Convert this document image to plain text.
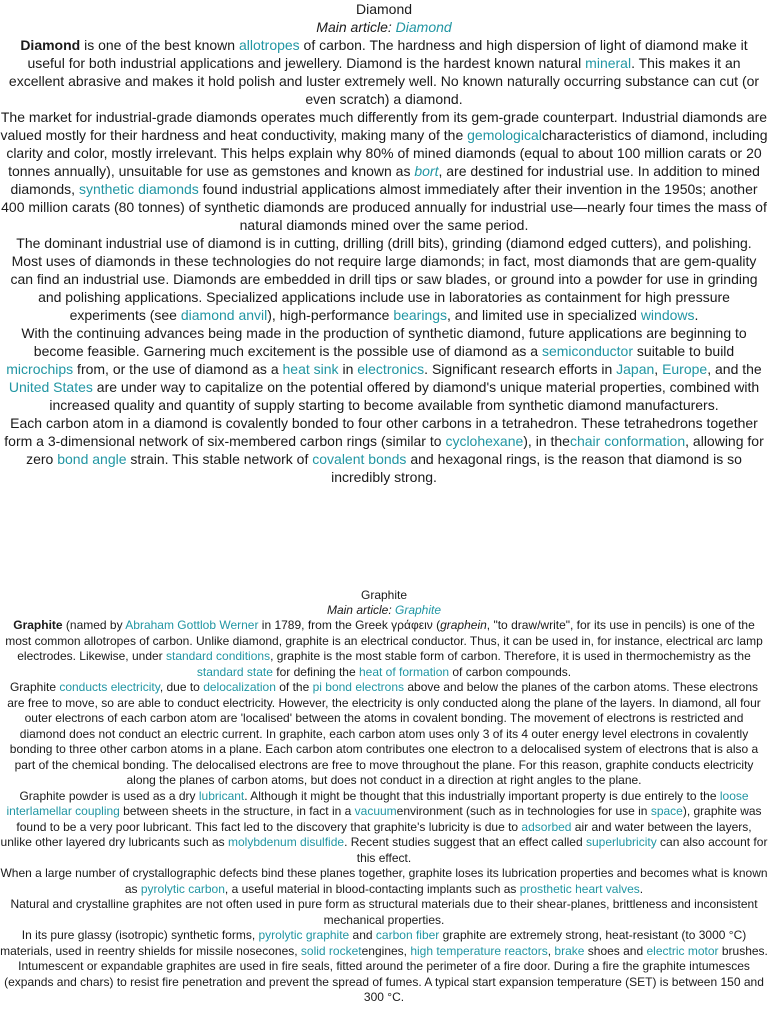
Diamond
Main article: Diamond

Diamond is one of the best known allotropes of carbon. The hardness and high dispersion of light of diamond make it useful for both industrial applications and jewellery. Diamond is the hardest known natural mineral. This makes it an excellent abrasive and makes it hold polish and luster extremely well. No known naturally occurring substance can cut (or even scratch) a diamond.

The market for industrial-grade diamonds operates much differently from its gem-grade counterpart. Industrial diamonds are valued mostly for their hardness and heat conductivity, making many of the gemologicalcharacteristics of diamond, including clarity and color, mostly irrelevant. This helps explain why 80% of mined diamonds (equal to about 100 million carats or 20 tonnes annually), unsuitable for use as gemstones and known as bort, are destined for industrial use. In addition to mined diamonds, synthetic diamonds found industrial applications almost immediately after their invention in the 1950s; another 400 million carats (80 tonnes) of synthetic diamonds are produced annually for industrial use—nearly four times the mass of natural diamonds mined over the same period.

The dominant industrial use of diamond is in cutting, drilling (drill bits), grinding (diamond edged cutters), and polishing. Most uses of diamonds in these technologies do not require large diamonds; in fact, most diamonds that are gem-quality can find an industrial use. Diamonds are embedded in drill tips or saw blades, or ground into a powder for use in grinding and polishing applications. Specialized applications include use in laboratories as containment for high pressure experiments (see diamond anvil), high-performance bearings, and limited use in specialized windows.

With the continuing advances being made in the production of synthetic diamond, future applications are beginning to become feasible. Garnering much excitement is the possible use of diamond as a semiconductor suitable to build microchips from, or the use of diamond as a heat sink in electronics. Significant research efforts in Japan, Europe, and the United States are under way to capitalize on the potential offered by diamond's unique material properties, combined with increased quality and quantity of supply starting to become available from synthetic diamond manufacturers.

Each carbon atom in a diamond is covalently bonded to four other carbons in a tetrahedron. These tetrahedrons together form a 3-dimensional network of six-membered carbon rings (similar to cyclohexane), in thechair conformation, allowing for zero bond angle strain. This stable network of covalent bonds and hexagonal rings, is the reason that diamond is so incredibly strong.

Graphite
Main article: Graphite

Graphite (named by Abraham Gottlob Werner in 1789, from the Greek γράφειν (graphein, "to draw/write", for its use in pencils) is one of the most common allotropes of carbon. Unlike diamond, graphite is an electrical conductor. Thus, it can be used in, for instance, electrical arc lamp electrodes. Likewise, under standard conditions, graphite is the most stable form of carbon. Therefore, it is used in thermochemistry as the standard state for defining the heat of formation of carbon compounds.

Graphite conducts electricity, due to delocalization of the pi bond electrons above and below the planes of the carbon atoms. These electrons are free to move, so are able to conduct electricity. However, the electricity is only conducted along the plane of the layers. In diamond, all four outer electrons of each carbon atom are 'localised' between the atoms in covalent bonding. The movement of electrons is restricted and diamond does not conduct an electric current. In graphite, each carbon atom uses only 3 of its 4 outer energy level electrons in covalently bonding to three other carbon atoms in a plane. Each carbon atom contributes one electron to a delocalised system of electrons that is also a part of the chemical bonding. The delocalised electrons are free to move throughout the plane. For this reason, graphite conducts electricity along the planes of carbon atoms, but does not conduct in a direction at right angles to the plane.

Graphite powder is used as a dry lubricant. Although it might be thought that this industrially important property is due entirely to the loose interlamellar coupling between sheets in the structure, in fact in a vacuumenvironment (such as in technologies for use in space), graphite was found to be a very poor lubricant. This fact led to the discovery that graphite's lubricity is due to adsorbed air and water between the layers, unlike other layered dry lubricants such as molybdenum disulfide. Recent studies suggest that an effect called superlubricity can also account for this effect.

When a large number of crystallographic defects bind these planes together, graphite loses its lubrication properties and becomes what is known as pyrolytic carbon, a useful material in blood-contacting implants such as prosthetic heart valves.

Natural and crystalline graphites are not often used in pure form as structural materials due to their shear-planes, brittleness and inconsistent mechanical properties.

In its pure glassy (isotropic) synthetic forms, pyrolytic graphite and carbon fiber graphite are extremely strong, heat-resistant (to 3000 °C) materials, used in reentry shields for missile nosecones, solid rocketengines, high temperature reactors, brake shoes and electric motor brushes.

Intumescent or expandable graphites are used in fire seals, fitted around the perimeter of a fire door. During a fire the graphite intumesces (expands and chars) to resist fire penetration and prevent the spread of fumes. A typical start expansion temperature (SET) is between 150 and 300 °C.
